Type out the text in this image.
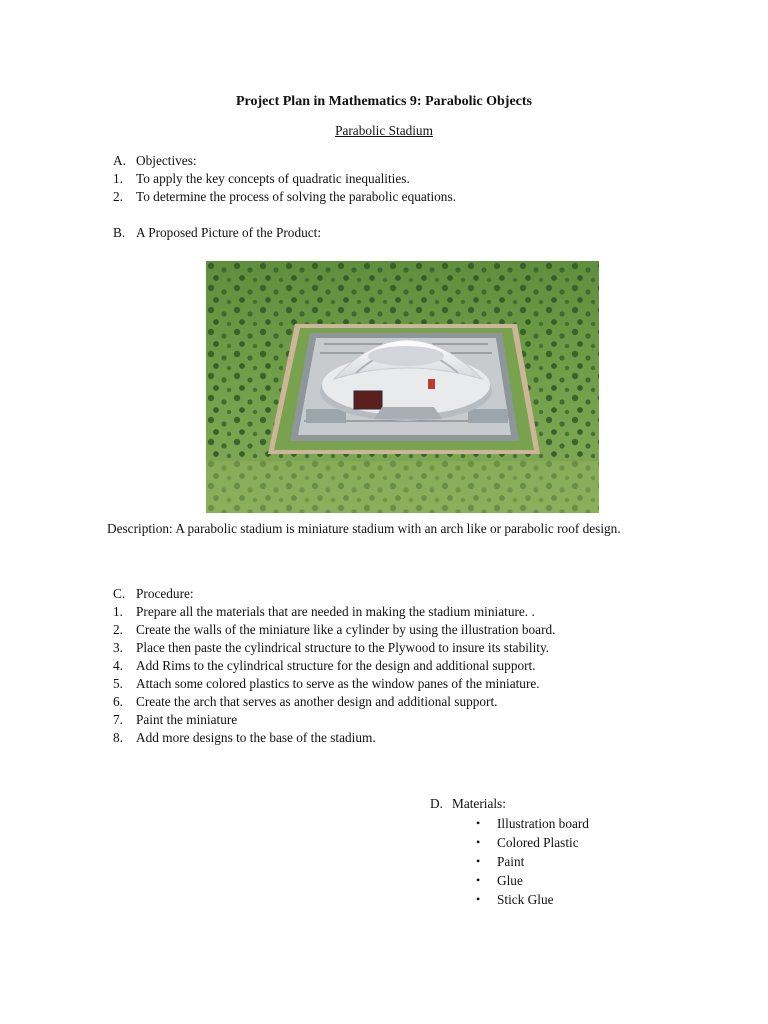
Project Plan in Mathematics 9: Parabolic Objects
Parabolic Stadium
A. Objectives:
1. To apply the key concepts of quadratic inequalities.
2. To determine the process of solving the parabolic equations.
B. A Proposed Picture of the Product:
Description: A parabolic stadium is miniature stadium with an arch like or parabolic roof design.
C. Procedure:
1. Prepare all the materials that are needed in making the stadium miniature. .
2. Create the walls of the miniature like a cylinder by using the illustration board.
3. Place then paste the cylindrical structure to the Plywood to insure its stability.
4. Add Rims to the cylindrical structure for the design and additional support.
5. Attach some colored plastics to serve as the window panes of the miniature.
6. Create the arch that serves as another design and additional support.
7. Paint the miniature
8. Add more designs to the base of the stadium.
D. Materials:
• Illustration board
• Colored Plastic
• Paint
• Glue
• Stick Glue
